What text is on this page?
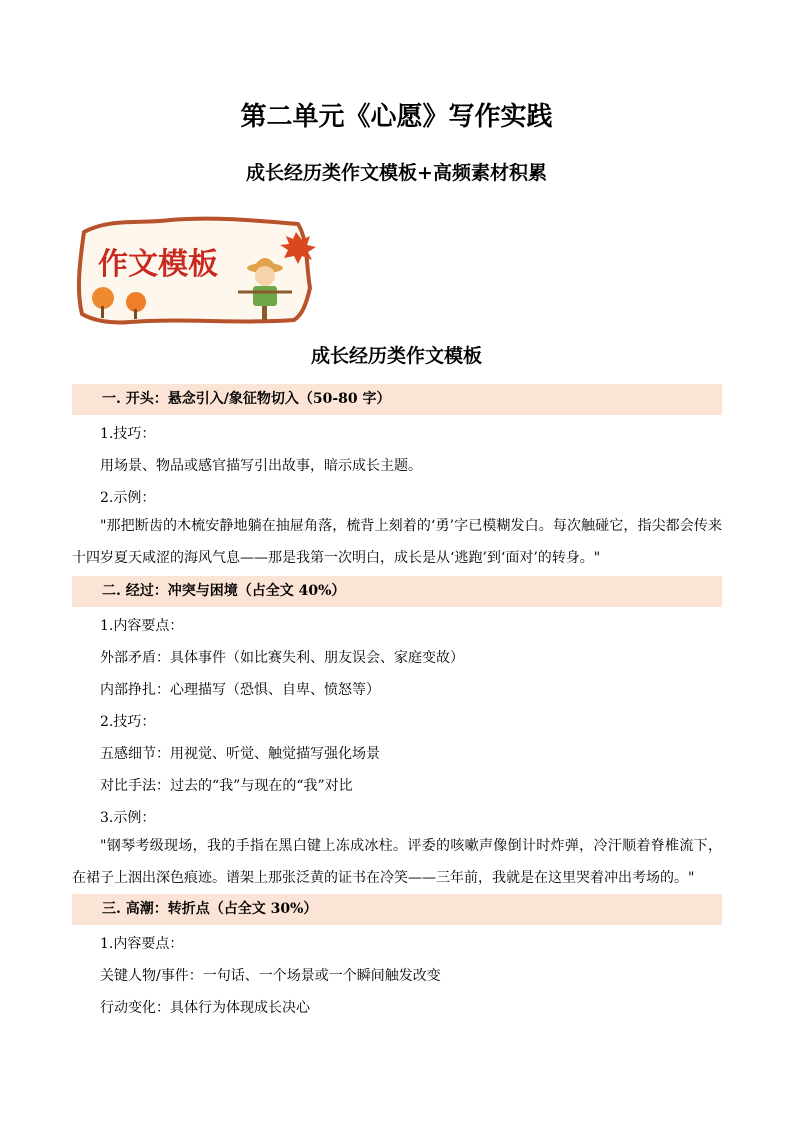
第二单元《心愿》写作实践
成长经历类作文模板+高频素材积累
作文模板
成长经历类作文模板
一. 开头：悬念引入/象征物切入（50-80 字）
1.技巧：
用场景、物品或感官描写引出故事，暗示成长主题。
2.示例：
"那把断齿的木梳安静地躺在抽屉角落，梳背上刻着的‘勇’字已模糊发白。每次触碰它，指尖都会传来十四岁夏天咸涩的海风气息——那是我第一次明白，成长是从‘逃跑’到‘面对’的转身。"
二. 经过：冲突与困境（占全文 40%）
1.内容要点：
外部矛盾：具体事件（如比赛失利、朋友误会、家庭变故）
内部挣扎：心理描写（恐惧、自卑、愤怒等）
2.技巧：
五感细节：用视觉、听觉、触觉描写强化场景
对比手法：过去的“我”与现在的“我”对比
3.示例：
"钢琴考级现场，我的手指在黑白键上冻成冰柱。评委的咳嗽声像倒计时炸弹，冷汗顺着脊椎流下，在裙子上洇出深色痕迹。谱架上那张泛黄的证书在冷笑——三年前，我就是在这里哭着冲出考场的。"
三. 高潮：转折点（占全文 30%）
1.内容要点：
关键人物/事件：一句话、一个场景或一个瞬间触发改变
行动变化：具体行为体现成长决心
